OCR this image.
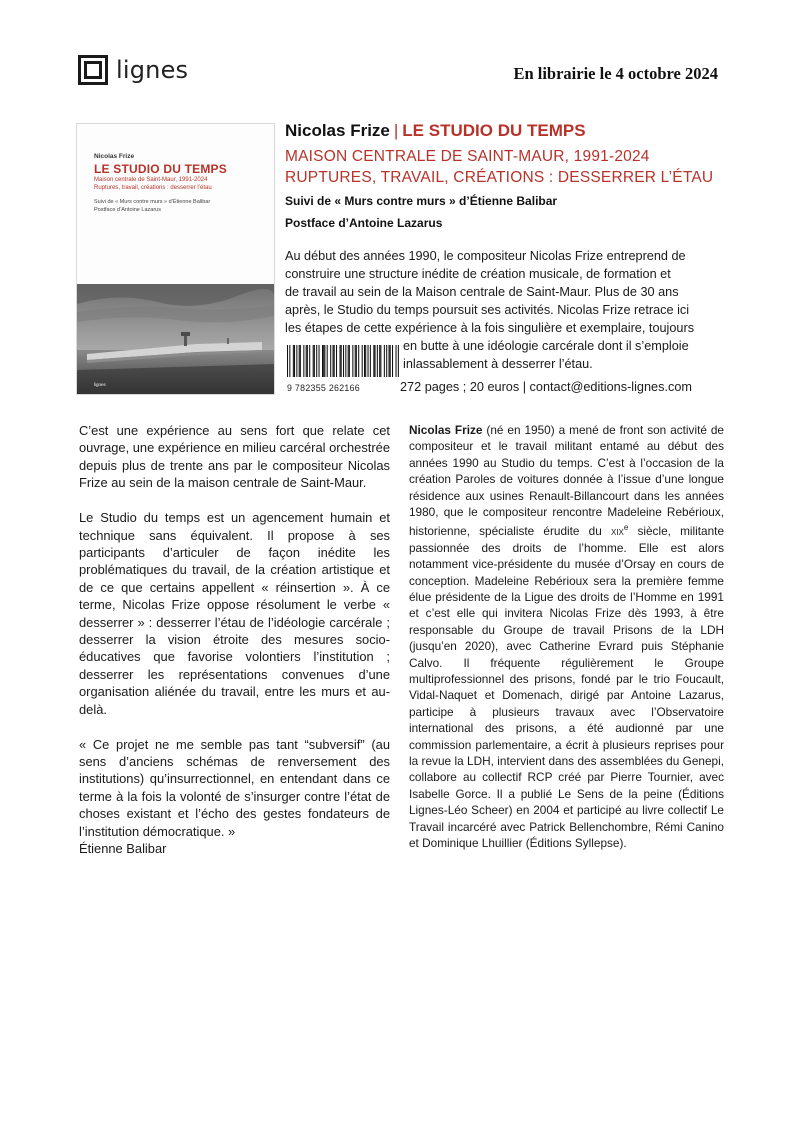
lignes	En librairie le 4 octobre 2024
Nicolas Frize
LE STUDIO DU TEMPS
Maison centrale de Saint-Maur, 1991-2024
Ruptures, travail, créations : desserrer l’étau
Suivi de « Murs contre murs » d’Étienne Balibar
Postface d’Antoine Lazarus
lignes
Nicolas Frize | LE STUDIO DU TEMPS
MAISON CENTRALE DE SAINT-MAUR, 1991-2024
RUPTURES, TRAVAIL, CRÉATIONS : DESSERRER L’ÉTAU
Suivi de « Murs contre murs » d’Étienne Balibar
Postface d’Antoine Lazarus
Au début des années 1990, le compositeur Nicolas Frize entreprend de
construire une structure inédite de création musicale, de formation et
de travail au sein de la Maison centrale de Saint-Maur. Plus de 30 ans
après, le Studio du temps poursuit ses activités. Nicolas Frize retrace ici
les étapes de cette expérience à la fois singulière et exemplaire, toujours
en butte à une idéologie carcérale dont il s’emploie
inlassablement à desserrer l’étau.
9 782355 262166	272 pages ; 20 euros | contact@editions-lignes.com

C’est une expérience au sens fort que relate cet ouvrage, une expérience en milieu carcéral orchestrée depuis plus de trente ans par le compositeur Nicolas Frize au sein de la maison centrale de Saint-Maur.

Le Studio du temps est un agencement humain et technique sans équivalent. Il propose à ses participants d’articuler de façon inédite les problématiques du travail, de la création artistique et de ce que certains appellent « réinsertion ». À ce terme, Nicolas Frize oppose résolument le verbe « desserrer » : desserrer l’étau de l’idéologie carcérale ; desserrer la vision étroite des mesures socio-éducatives que favorise volontiers l’institution ; desserrer les représentations convenues d’une organisation aliénée du travail, entre les murs et au-delà.

« Ce projet ne me semble pas tant “subversif” (au sens d’anciens schémas de renversement des institutions) qu’insurrectionnel, en entendant dans ce terme à la fois la volonté de s’insurger contre l’état de choses existant et l’écho des gestes fondateurs de l’institution démocratique. »

Étienne Balibar

Nicolas Frize (né en 1950) a mené de front son activité de compositeur et le travail militant entamé au début des années 1990 au Studio du temps. C’est à l’occasion de la création Paroles de voitures donnée à l’issue d’une longue résidence aux usines Renault-Billancourt dans les années 1980, que le compositeur rencontre Madeleine Rebérioux, historienne, spécialiste érudite du xix$^e$ siècle, militante passionnée des droits de l’homme. Elle est alors notamment vice-présidente du musée d’Orsay en cours de conception. Madeleine Rebérioux sera la première femme élue présidente de la Ligue des droits de l’Homme en 1991 et c’est elle qui invitera Nicolas Frize dès 1993, à être responsable du Groupe de travail Prisons de la LDH (jusqu’en 2020), avec Catherine Evrard puis Stéphanie Calvo. Il fréquente régulièrement le Groupe multiprofessionnel des prisons, fondé par le trio Foucault, Vidal-Naquet et Domenach, dirigé par Antoine Lazarus, participe à plusieurs travaux avec l’Observatoire international des prisons, a été audionné par une commission parlementaire, a écrit à plusieurs reprises pour la revue la LDH, intervient dans des assemblées du Genepi, collabore au collectif RCP créé par Pierre Tournier, avec Isabelle Gorce. Il a publié Le Sens de la peine (Éditions Lignes-Léo Scheer) en 2004 et participé au livre collectif Le Travail incarcéré avec Patrick Bellenchombre, Rémi Canino et Dominique Lhuillier (Éditions Syllepse).
